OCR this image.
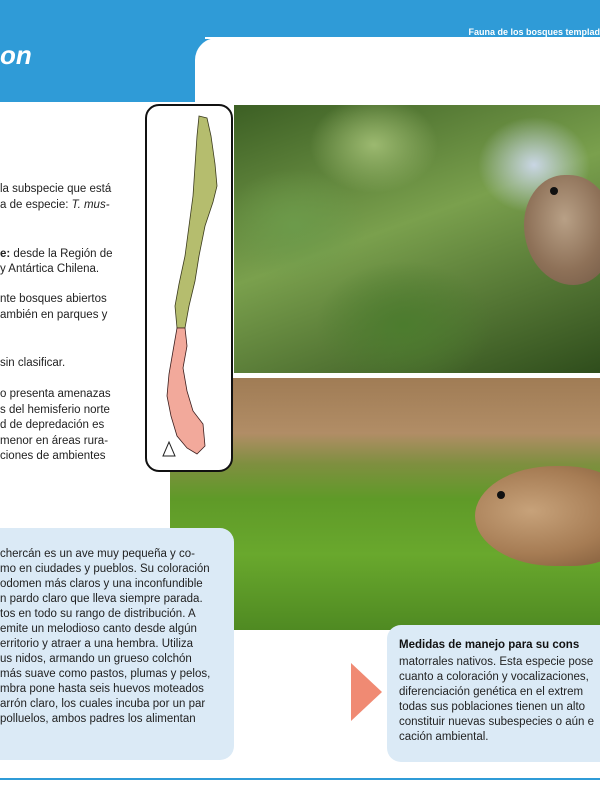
on
Fauna de los bosques templad
la subspecie que está
a de especie: T. mus-
e: desde la Región de
y Antártica Chilena.
nte bosques abiertos
ambién en parques y
sin clasificar.
o presenta amenazas
s del hemisferio norte
d de depredación es
menor en áreas rura-
ciones de ambientes
chercán es un ave muy pequeña y co-
mo en ciudades y pueblos. Su coloración
odomen más claros y una inconfundible
n pardo claro que lleva siempre parada.
tos en todo su rango de distribución. A
emite un melodioso canto desde algún
erritorio y atraer a una hembra. Utiliza
us nidos, armando un grueso colchón
más suave como pastos, plumas y pelos,
mbra pone hasta seis huevos moteados
arrón claro, los cuales incuba por un par
polluelos, ambos padres los alimentan
Medidas de manejo para su cons
matorrales nativos. Esta especie pose
cuanto a coloración y vocalizaciones,
diferenciación genética en el extrem
todas sus poblaciones tienen un alto
constituir nuevas subespecies o aún e
cación ambiental.
